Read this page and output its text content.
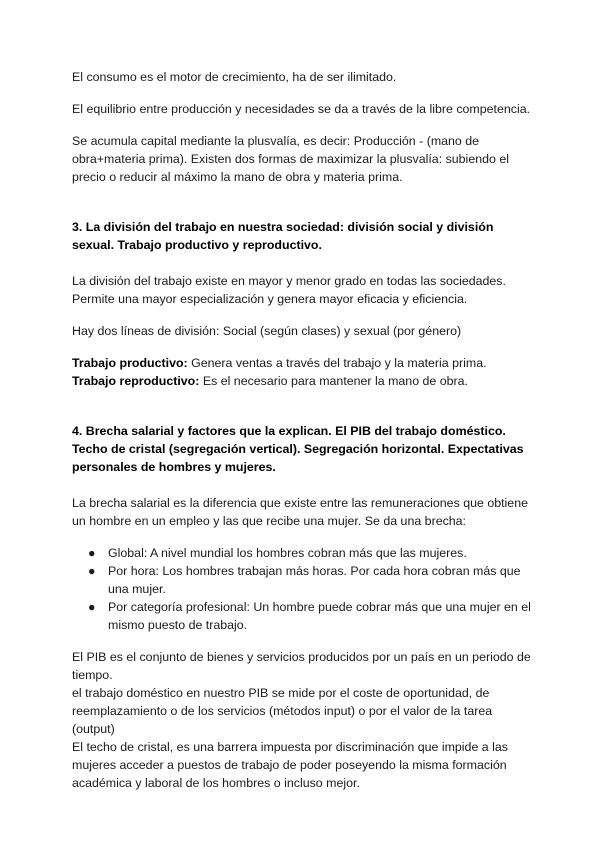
El consumo es el motor de crecimiento, ha de ser ilimitado.

El equilibrio entre producción y necesidades se da a través de la libre competencia.

Se acumula capital mediante la plusvalía, es decir: Producción - (mano de obra+materia prima). Existen dos formas de maximizar la plusvalía: subiendo el precio o reducir al máximo la mano de obra y materia prima.

3. La división del trabajo en nuestra sociedad: división social y división sexual. Trabajo productivo y reproductivo.

La división del trabajo existe en mayor y menor grado en todas las sociedades. Permite una mayor especialización y genera mayor eficacia y eficiencia.

Hay dos líneas de división: Social (según clases) y sexual (por género)

Trabajo productivo: Genera ventas a través del trabajo y la materia prima.

Trabajo reproductivo: Es el necesario para mantener la mano de obra.

4. Brecha salarial y factores que la explican. El PIB del trabajo doméstico. Techo de cristal (segregación vertical). Segregación horizontal. Expectativas personales de hombres y mujeres.

La brecha salarial es la diferencia que existe entre las remuneraciones que obtiene un hombre en un empleo y las que recibe una mujer. Se da una brecha:

● Global: A nivel mundial los hombres cobran más que las mujeres.
● Por hora: Los hombres trabajan más horas. Por cada hora cobran más que una mujer.
● Por categoría profesional: Un hombre puede cobrar más que una mujer en el mismo puesto de trabajo.

El PIB es el conjunto de bienes y servicios producidos por un país en un periodo de tiempo.

el trabajo doméstico en nuestro PIB se mide por el coste de oportunidad, de reemplazamiento o de los servicios (métodos input) o por el valor de la tarea (output)

El techo de cristal, es una barrera impuesta por discriminación que impide a las mujeres acceder a puestos de trabajo de poder poseyendo la misma formación académica y laboral de los hombres o incluso mejor.
